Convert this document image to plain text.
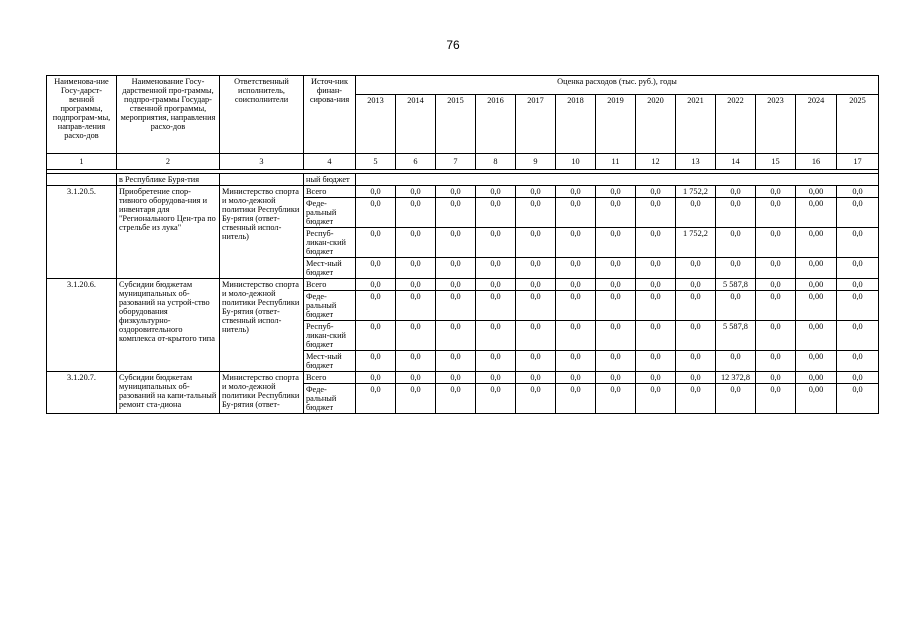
76
Наименова-ние Госу-дарст-венной программы, подпрограм-мы, направ-ления расхо-дов	Наименование Госу-дарственной про-граммы, подпро-граммы Государ-ственной программы, мероприятия, направления расхо-дов	Ответственный исполнитель, соисполнители	Источ-ник финан-сирова-ния	Оценка расходов (тыс. руб.), годы												
				2013	2014	2015	2016	2017	2018	2019	2020	2021	2022	2023	2024	2025
1	2	3	4	5	6	7	8	9	10	11	12	13	14	15	16	17

	в Республике Буря-тия		ный бюджет													
3.1.20.5.	Приобретение спор-тивного оборудова-ния и инвентаря для "Регионального Цен-тра по стрельбе из лука"	Министерство спорта и моло-дежной политики Республики Бу-рятия (ответ-ственный испол-нитель)	Всего	0,0	0,0	0,0	0,0	0,0	0,0	0,0	0,0	1 752,2	0,0	0,0	0,00	0,0
			Феде-ральный бюджет	0,0	0,0	0,0	0,0	0,0	0,0	0,0	0,0	0,0	0,0	0,0	0,00	0,0
			Респуб-ликан-ский бюджет	0,0	0,0	0,0	0,0	0,0	0,0	0,0	0,0	1 752,2	0,0	0,0	0,00	0,0
			Мест-ный бюджет	0,0	0,0	0,0	0,0	0,0	0,0	0,0	0,0	0,0	0,0	0,0	0,00	0,0
3.1.20.6.	Субсидии бюджетам муниципальных об-разований на устрой-ство оборудования физкультурно-оздоровительного комплекса от-крытого типа	Министерство спорта и моло-дежной политики Республики Бу-рятия (ответ-ственный испол-нитель)	Всего	0,0	0,0	0,0	0,0	0,0	0,0	0,0	0,0	0,0	5 587,8	0,0	0,00	0,0
			Феде-ральный бюджет	0,0	0,0	0,0	0,0	0,0	0,0	0,0	0,0	0,0	0,0	0,0	0,00	0,0
			Респуб-ликан-ский бюджет	0,0	0,0	0,0	0,0	0,0	0,0	0,0	0,0	0,0	5 587,8	0,0	0,00	0,0
			Мест-ный бюджет	0,0	0,0	0,0	0,0	0,0	0,0	0,0	0,0	0,0	0,0	0,0	0,00	0,0
3.1.20.7.	Субсидии бюджетам муниципальных об-разований на капи-тальный ремонт ста-диона	Министерство спорта и моло-дежной политики Республики Бу-рятия (ответ-	Всего	0,0	0,0	0,0	0,0	0,0	0,0	0,0	0,0	0,0	12 372,8	0,0	0,00	0,0
			Феде-ральный бюджет	0,0	0,0	0,0	0,0	0,0	0,0	0,0	0,0	0,0	0,0	0,0	0,00	0,0
